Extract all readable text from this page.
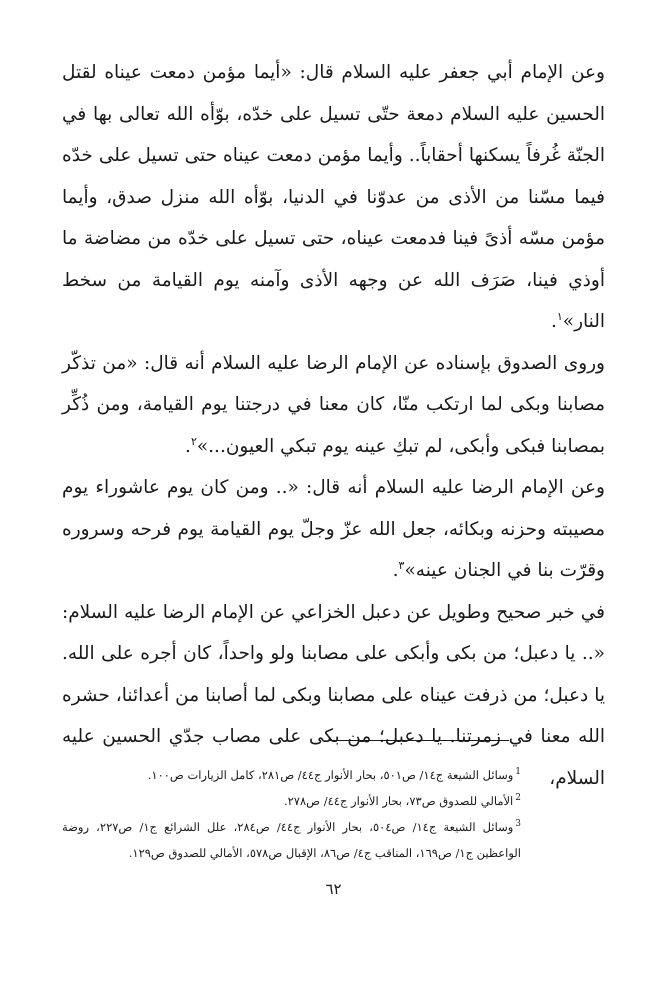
وعن الإمام أبي جعفر عليه السلام قال: «أيما مؤمن دمعت عيناه لقتل الحسين عليه السلام دمعة حتّى تسيل على خدّه، بوّأه الله تعالى بها في الجنّة غُرفاً يسكنها أحقاباً.. وأيما مؤمن دمعت عيناه حتى تسيل على خدّه فيما مسّنا من الأذى من عدوّنا في الدنيا، بوّأه الله منزل صدق، وأيما مؤمن مسّه أذىً فينا فدمعت عيناه، حتى تسيل على خدّه من مضاضة ما أوذي فينا، صَرَف الله عن وجهه الأذى وآمنه يوم القيامة من سخط النار»$^١$.

وروى الصدوق بإسناده عن الإمام الرضا عليه السلام أنه قال: «من تذكّر مصابنا وبكى لما ارتكب منّا، كان معنا في درجتنا يوم القيامة، ومن ذُكِّر بمصابنا فبكى وأبكى، لم تبكِ عينه يوم تبكي العيون...»$^٢$.

وعن الإمام الرضا عليه السلام أنه قال: «.. ومن كان يوم عاشوراء يوم مصيبته وحزنه وبكائه، جعل الله عزّ وجلّ يوم القيامة يوم فرحه وسروره وقرّت بنا في الجنان عينه»$^٣$.

في خبر صحيح وطويل عن دعبل الخزاعي عن الإمام الرضا عليه السلام: «.. يا دعبل؛ من بكى وأبكى على مصابنا ولو واحداً، كان أجره على الله. يا دعبل؛ من ذرفت عيناه على مصابنا وبكى لما أصابنا من أعدائنا، حشره الله معنا في زمرتنا. يا دعبل؛ من بكى على مصاب جدّي الحسين عليه السلام،

$^1$وسائل الشيعة ج١٤/ ص٥٠١، بحار الأنوار ج٤٤/ ص٢٨١، كامل الزيارات ص١٠٠.

$^2$الأمالي للصدوق ص٧٣، بحار الأنوار ج٤٤/ ص٢٧٨.

$^3$وسائل الشيعة ج١٤/ ص٥٠٤، بحار الأنوار ج٤٤/ ص٢٨٤، علل الشرائع ج١/ ص٢٢٧، روضة الواعظين ج١/ ص١٦٩، المناقب ج٤/ ص٨٦، الإقبال ص٥٧٨، الأمالي للصدوق ص١٢٩.

٦٢
